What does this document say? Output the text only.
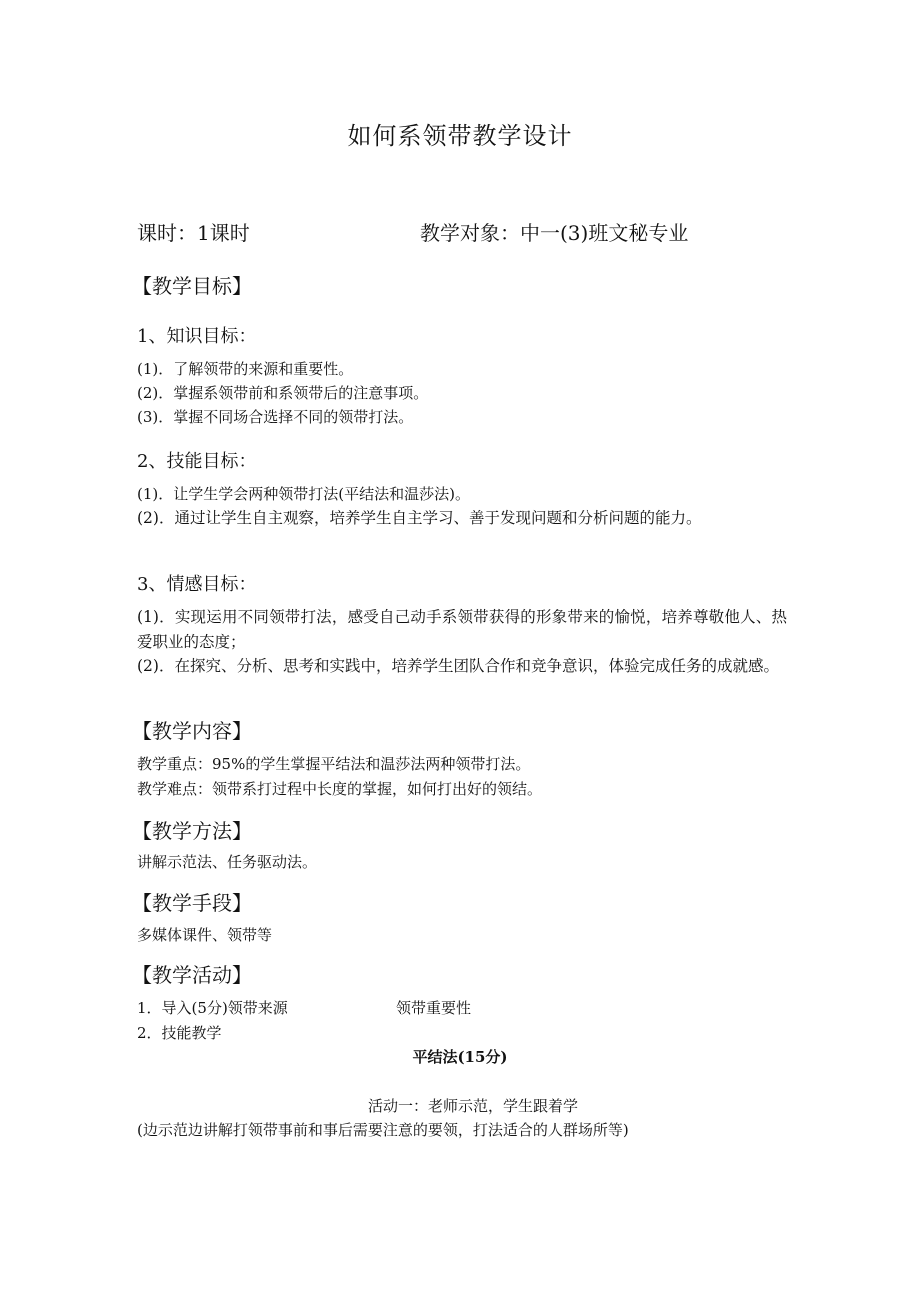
如何系领带教学设计
课时：1课时	教学对象：中一(3)班文秘专业
【教学目标】
1、知识目标：
(1)．了解领带的来源和重要性。
(2)．掌握系领带前和系领带后的注意事项。
(3)．掌握不同场合选择不同的领带打法。
2、技能目标：
(1)．让学生学会两种领带打法(平结法和温莎法)。
(2)．通过让学生自主观察，培养学生自主学习、善于发现问题和分析问题的能力。
3、情感目标：
(1)．实现运用不同领带打法，感受自己动手系领带获得的形象带来的愉悦，培养尊敬他人、热爱职业的态度；
(2)．在探究、分析、思考和实践中，培养学生团队合作和竞争意识，体验完成任务的成就感。
【教学内容】
教学重点：95%的学生掌握平结法和温莎法两种领带打法。
教学难点：领带系打过程中长度的掌握，如何打出好的领结。
【教学方法】
讲解示范法、任务驱动法。
【教学手段】
多媒体课件、领带等
【教学活动】
1．导入(5分)领带来源	领带重要性
2．技能教学
平结法(15分)
活动一：老师示范，学生跟着学
(边示范边讲解打领带事前和事后需要注意的要领，打法适合的人群场所等)
